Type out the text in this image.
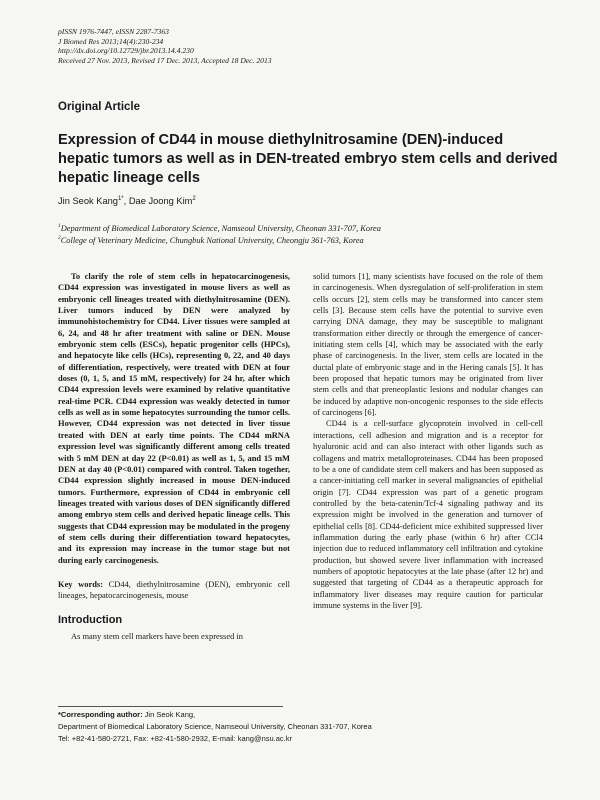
pISSN 1976-7447, eISSN 2287-7363
J Biomed Res 2013;14(4):230-234
http://dx.doi.org/10.12729/jbr.2013.14.4.230
Received 27 Nov. 2013, Revised 17 Dec. 2013, Accepted 18 Dec. 2013
Original Article
Expression of CD44 in mouse diethylnitrosamine (DEN)-induced hepatic tumors as well as in DEN-treated embryo stem cells and derived hepatic lineage cells
Jin Seok Kang$^{1*}$, Dae Joong Kim$^2$
$^1$Department of Biomedical Laboratory Science, Namseoul University, Cheonan 331-707, Korea
$^2$College of Veterinary Medicine, Chungbuk National University, Cheongju 361-763, Korea

To clarify the role of stem cells in hepatocarcinogenesis, CD44 expression was investigated in mouse livers as well as embryonic cell lineages treated with diethylnitrosamine (DEN). Liver tumors induced by DEN were analyzed by immunohistochemistry for CD44. Liver tissues were sampled at 6, 24, and 48 hr after treatment with saline or DEN. Mouse embryonic stem cells (ESCs), hepatic progenitor cells (HPCs), and hepatocyte like cells (HCs), representing 0, 22, and 40 days of differentiation, respectively, were treated with DEN at four doses (0, 1, 5, and 15 mM, respectively) for 24 hr, after which CD44 expression levels were examined by relative quantitative real-time PCR. CD44 expression was weakly detected in tumor cells as well as in some hepatocytes surrounding the tumor cells. However, CD44 expression was not detected in liver tissue treated with DEN at early time points. The CD44 mRNA expression level was significantly different among cells treated with 5 mM DEN at day 22 (P<0.01) as well as 1, 5, and 15 mM DEN at day 40 (P<0.01) compared with control. Taken together, CD44 expression slightly increased in mouse DEN-induced tumors. Furthermore, expression of CD44 in embryonic cell lineages treated with various doses of DEN significantly differed among embryo stem cells and derived hepatic lineage cells. This suggests that CD44 expression may be modulated in the progeny of stem cells during their differentiation toward hepatocytes, and its expression may increase in the tumor stage but not during early carcinogenesis.

Key words: CD44, diethylnitrosamine (DEN), embryonic cell lineages, hepatocarcinogenesis, mouse

Introduction

As many stem cell markers have been expressed in

solid tumors [1], many scientists have focused on the role of them in carcinogenesis. When dysregulation of self-proliferation in stem cells occurs [2], stem cells may be transformed into cancer stem cells [3]. Because stem cells have the potential to survive even carrying DNA damage, they may be susceptible to malignant transformation either directly or through the emergence of cancer-initiating stem cells [4], which may be associated with the early phase of carcinogenesis. In the liver, stem cells are located in the ductal plate of embryonic stage and in the Hering canals [5]. It has been proposed that hepatic tumors may be originated from liver stem cells and that preneoplastic lesions and nodular changes can be induced by adaptive non-oncogenic responses to the side effects of carcinogens [6].

CD44 is a cell-surface glycoprotein involved in cell-cell interactions, cell adhesion and migration and is a receptor for hyaluronic acid and can also interact with other ligands such as collagens and matrix metalloproteinases. CD44 has been proposed to be a one of candidate stem cell makers and has been supposed as a cancer-initiating cell marker in several malignancies of epithelial origin [7]. CD44 expression was part of a genetic program controlled by the beta-catenin/Tcf-4 signaling pathway and its expression might be involved in the generation and turnover of epithelial cells [8]. CD44-deficient mice exhibited suppressed liver inflammation during the early phase (within 6 hr) after CCl4 injection due to reduced inflammatory cell infiltration and cytokine production, but showed severe liver inflammation with increased numbers of apoptotic hepatocytes at the late phase (after 12 hr) and suggested that targeting of CD44 as a therapeutic approach for inflammatory liver diseases may require caution for particular immune systems in the liver [9].

*Corresponding author: Jin Seok Kang,
Department of Biomedical Laboratory Science, Namseoul University, Cheonan 331-707, Korea
Tel: +82-41-580-2721, Fax: +82-41-580-2932, E-mail: kang@nsu.ac.kr
